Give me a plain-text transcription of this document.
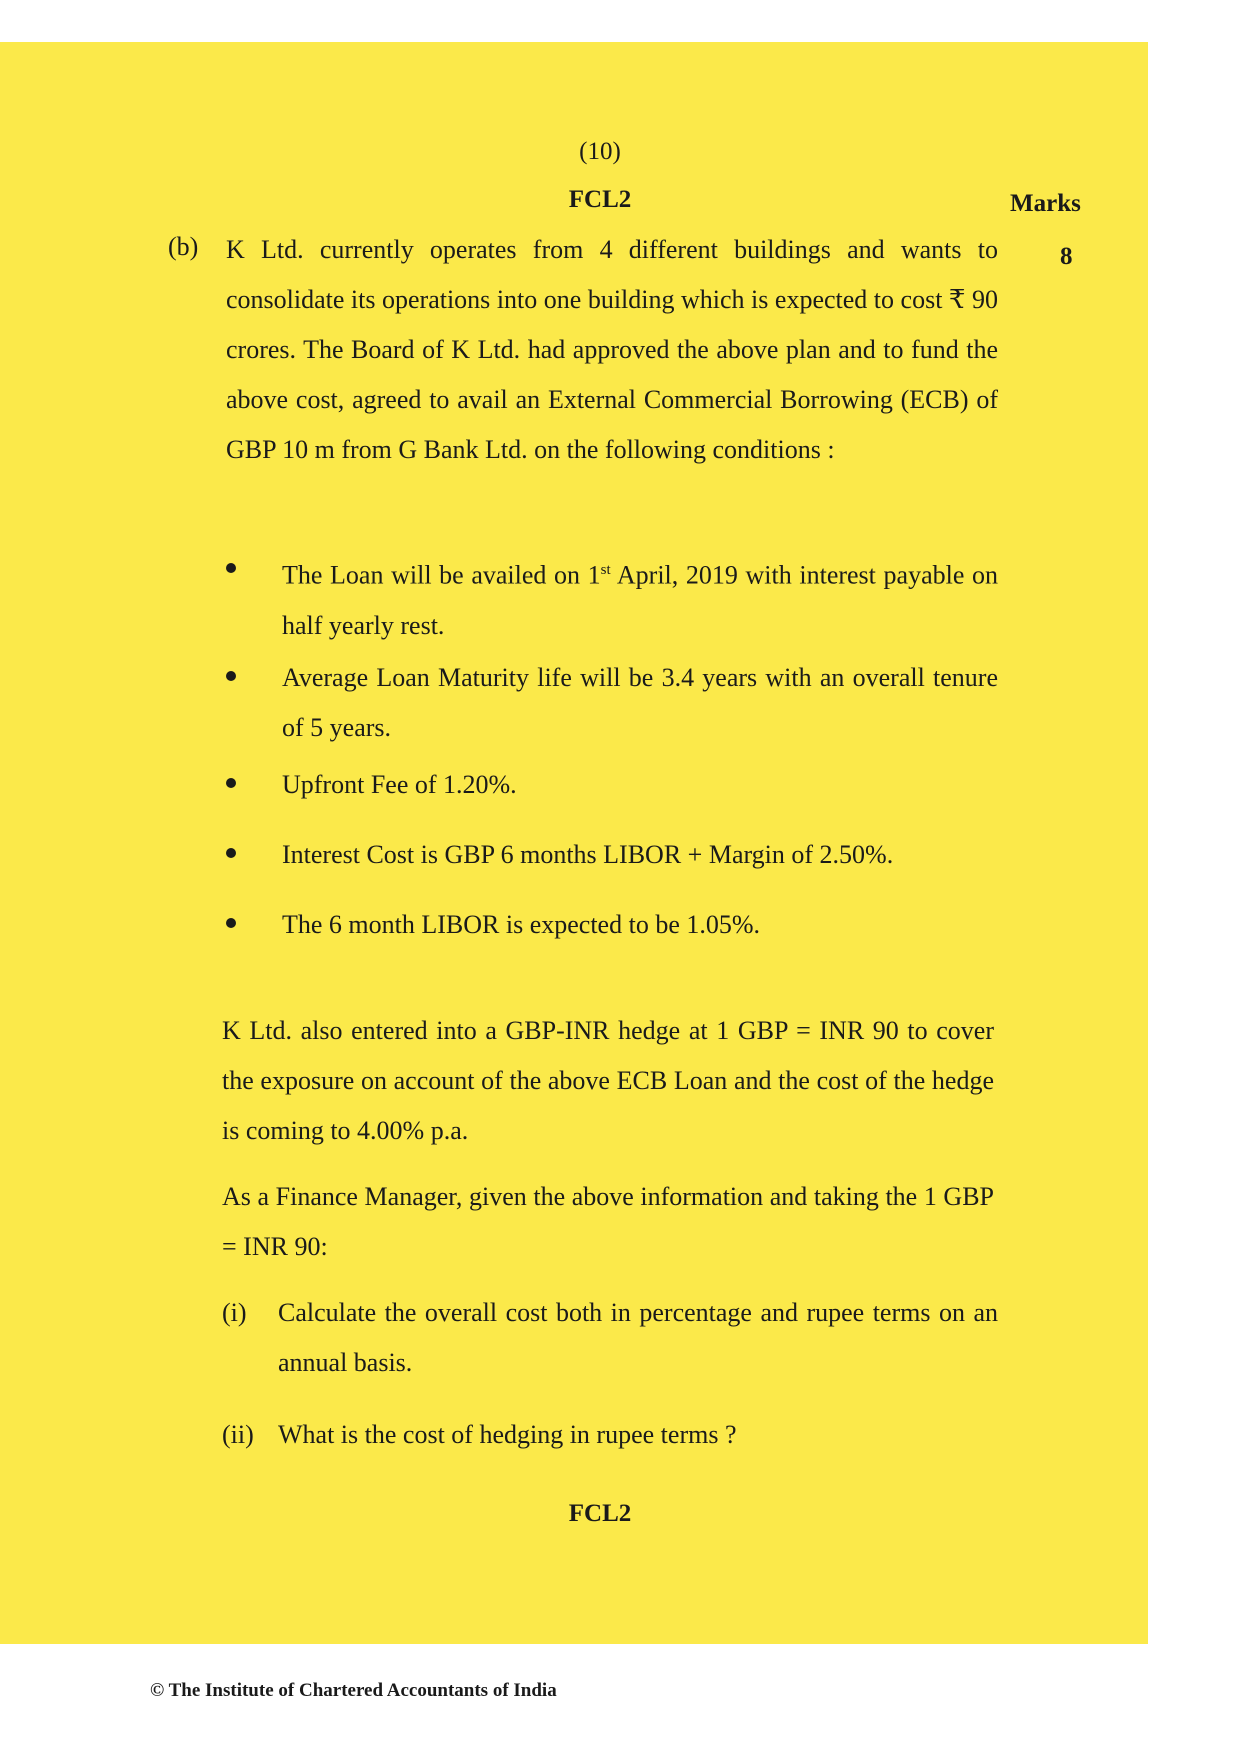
(10)
FCL2	Marks
8
(b) K Ltd. currently operates from 4 different buildings and wants to consolidate its operations into one building which is expected to cost ₹ 90 crores. The Board of K Ltd. had approved the above plan and to fund the above cost, agreed to avail an External Commercial Borrowing (ECB) of GBP 10 m from G Bank Ltd. on the following conditions :
The Loan will be availed on 1st April, 2019 with interest payable on half yearly rest.
Average Loan Maturity life will be 3.4 years with an overall tenure of 5 years.
Upfront Fee of 1.20%.
Interest Cost is GBP 6 months LIBOR + Margin of 2.50%.
The 6 month LIBOR is expected to be 1.05%.
K Ltd. also entered into a GBP-INR hedge at 1 GBP = INR 90 to cover the exposure on account of the above ECB Loan and the cost of the hedge is coming to 4.00% p.a.
As a Finance Manager, given the above information and taking the 1 GBP = INR 90:
(i) Calculate the overall cost both in percentage and rupee terms on an annual basis.
(ii) What is the cost of hedging in rupee terms ?
FCL2
© The Institute of Chartered Accountants of India
